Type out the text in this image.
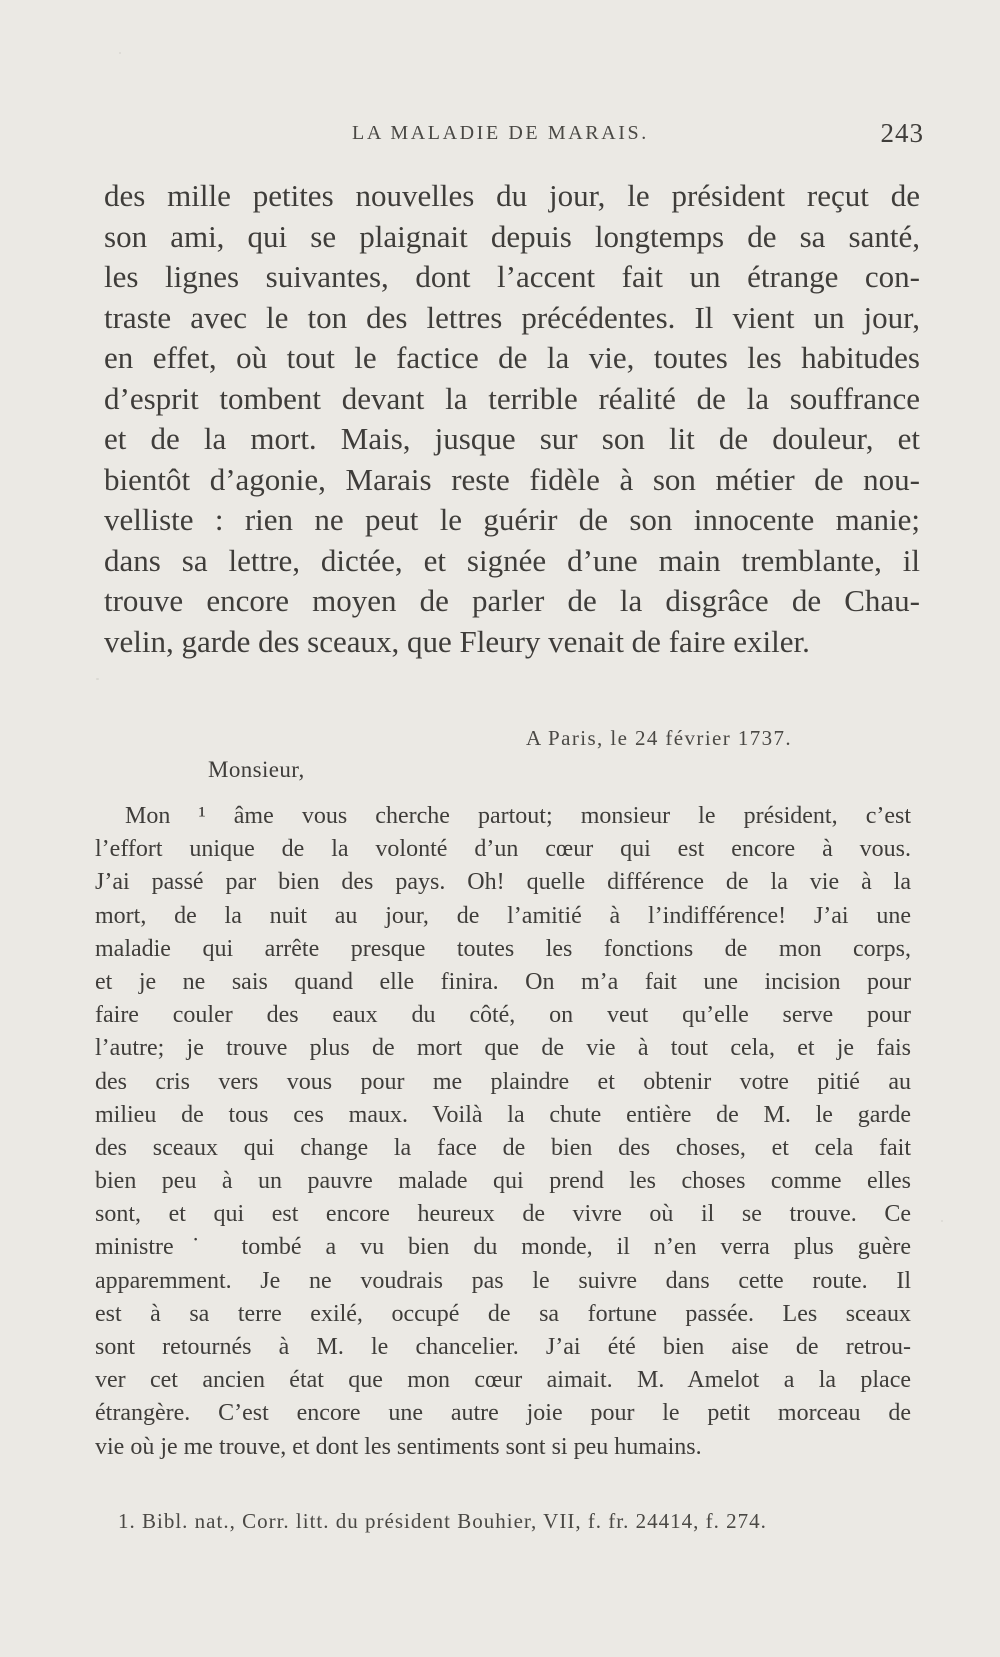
LA MALADIE DE MARAIS.	243
des mille petites nouvelles du jour, le président reçut de
son ami, qui se plaignait depuis longtemps de sa santé,
les lignes suivantes, dont l’accent fait un étrange con-
traste avec le ton des lettres précédentes. Il vient un jour,
en effet, où tout le factice de la vie, toutes les habitudes
d’esprit tombent devant la terrible réalité de la souffrance
et de la mort. Mais, jusque sur son lit de douleur, et
bientôt d’agonie, Marais reste fidèle à son métier de nou-
velliste : rien ne peut le guérir de son innocente manie;
dans sa lettre, dictée, et signée d’une main tremblante, il
trouve encore moyen de parler de la disgrâce de Chau-
velin, garde des sceaux, que Fleury venait de faire exiler.
A Paris, le 24 février 1737.
Monsieur,
Mon ¹ âme vous cherche partout; monsieur le président, c’est
l’effort unique de la volonté d’un cœur qui est encore à vous.
J’ai passé par bien des pays. Oh! quelle différence de la vie à la
mort, de la nuit au jour, de l’amitié à l’indifférence! J’ai une
maladie qui arrête presque toutes les fonctions de mon corps,
et je ne sais quand elle finira. On m’a fait une incision pour
faire couler des eaux du côté, on veut qu’elle serve pour
l’autre; je trouve plus de mort que de vie à tout cela, et je fais
des cris vers vous pour me plaindre et obtenir votre pitié au
milieu de tous ces maux. Voilà la chute entière de M. le garde
des sceaux qui change la face de bien des choses, et cela fait
bien peu à un pauvre malade qui prend les choses comme elles
sont, et qui est encore heureux de vivre où il se trouve. Ce
ministre˙ tombé a vu bien du monde, il n’en verra plus guère
apparemment. Je ne voudrais pas le suivre dans cette route. Il
est à sa terre exilé, occupé de sa fortune passée. Les sceaux
sont retournés à M. le chancelier. J’ai été bien aise de retrou-
ver cet ancien état que mon cœur aimait. M. Amelot a la place
étrangère. C’est encore une autre joie pour le petit morceau de
vie où je me trouve, et dont les sentiments sont si peu humains.
1. Bibl. nat., Corr. litt. du président Bouhier, VII, f. fr. 24414, f. 274.
